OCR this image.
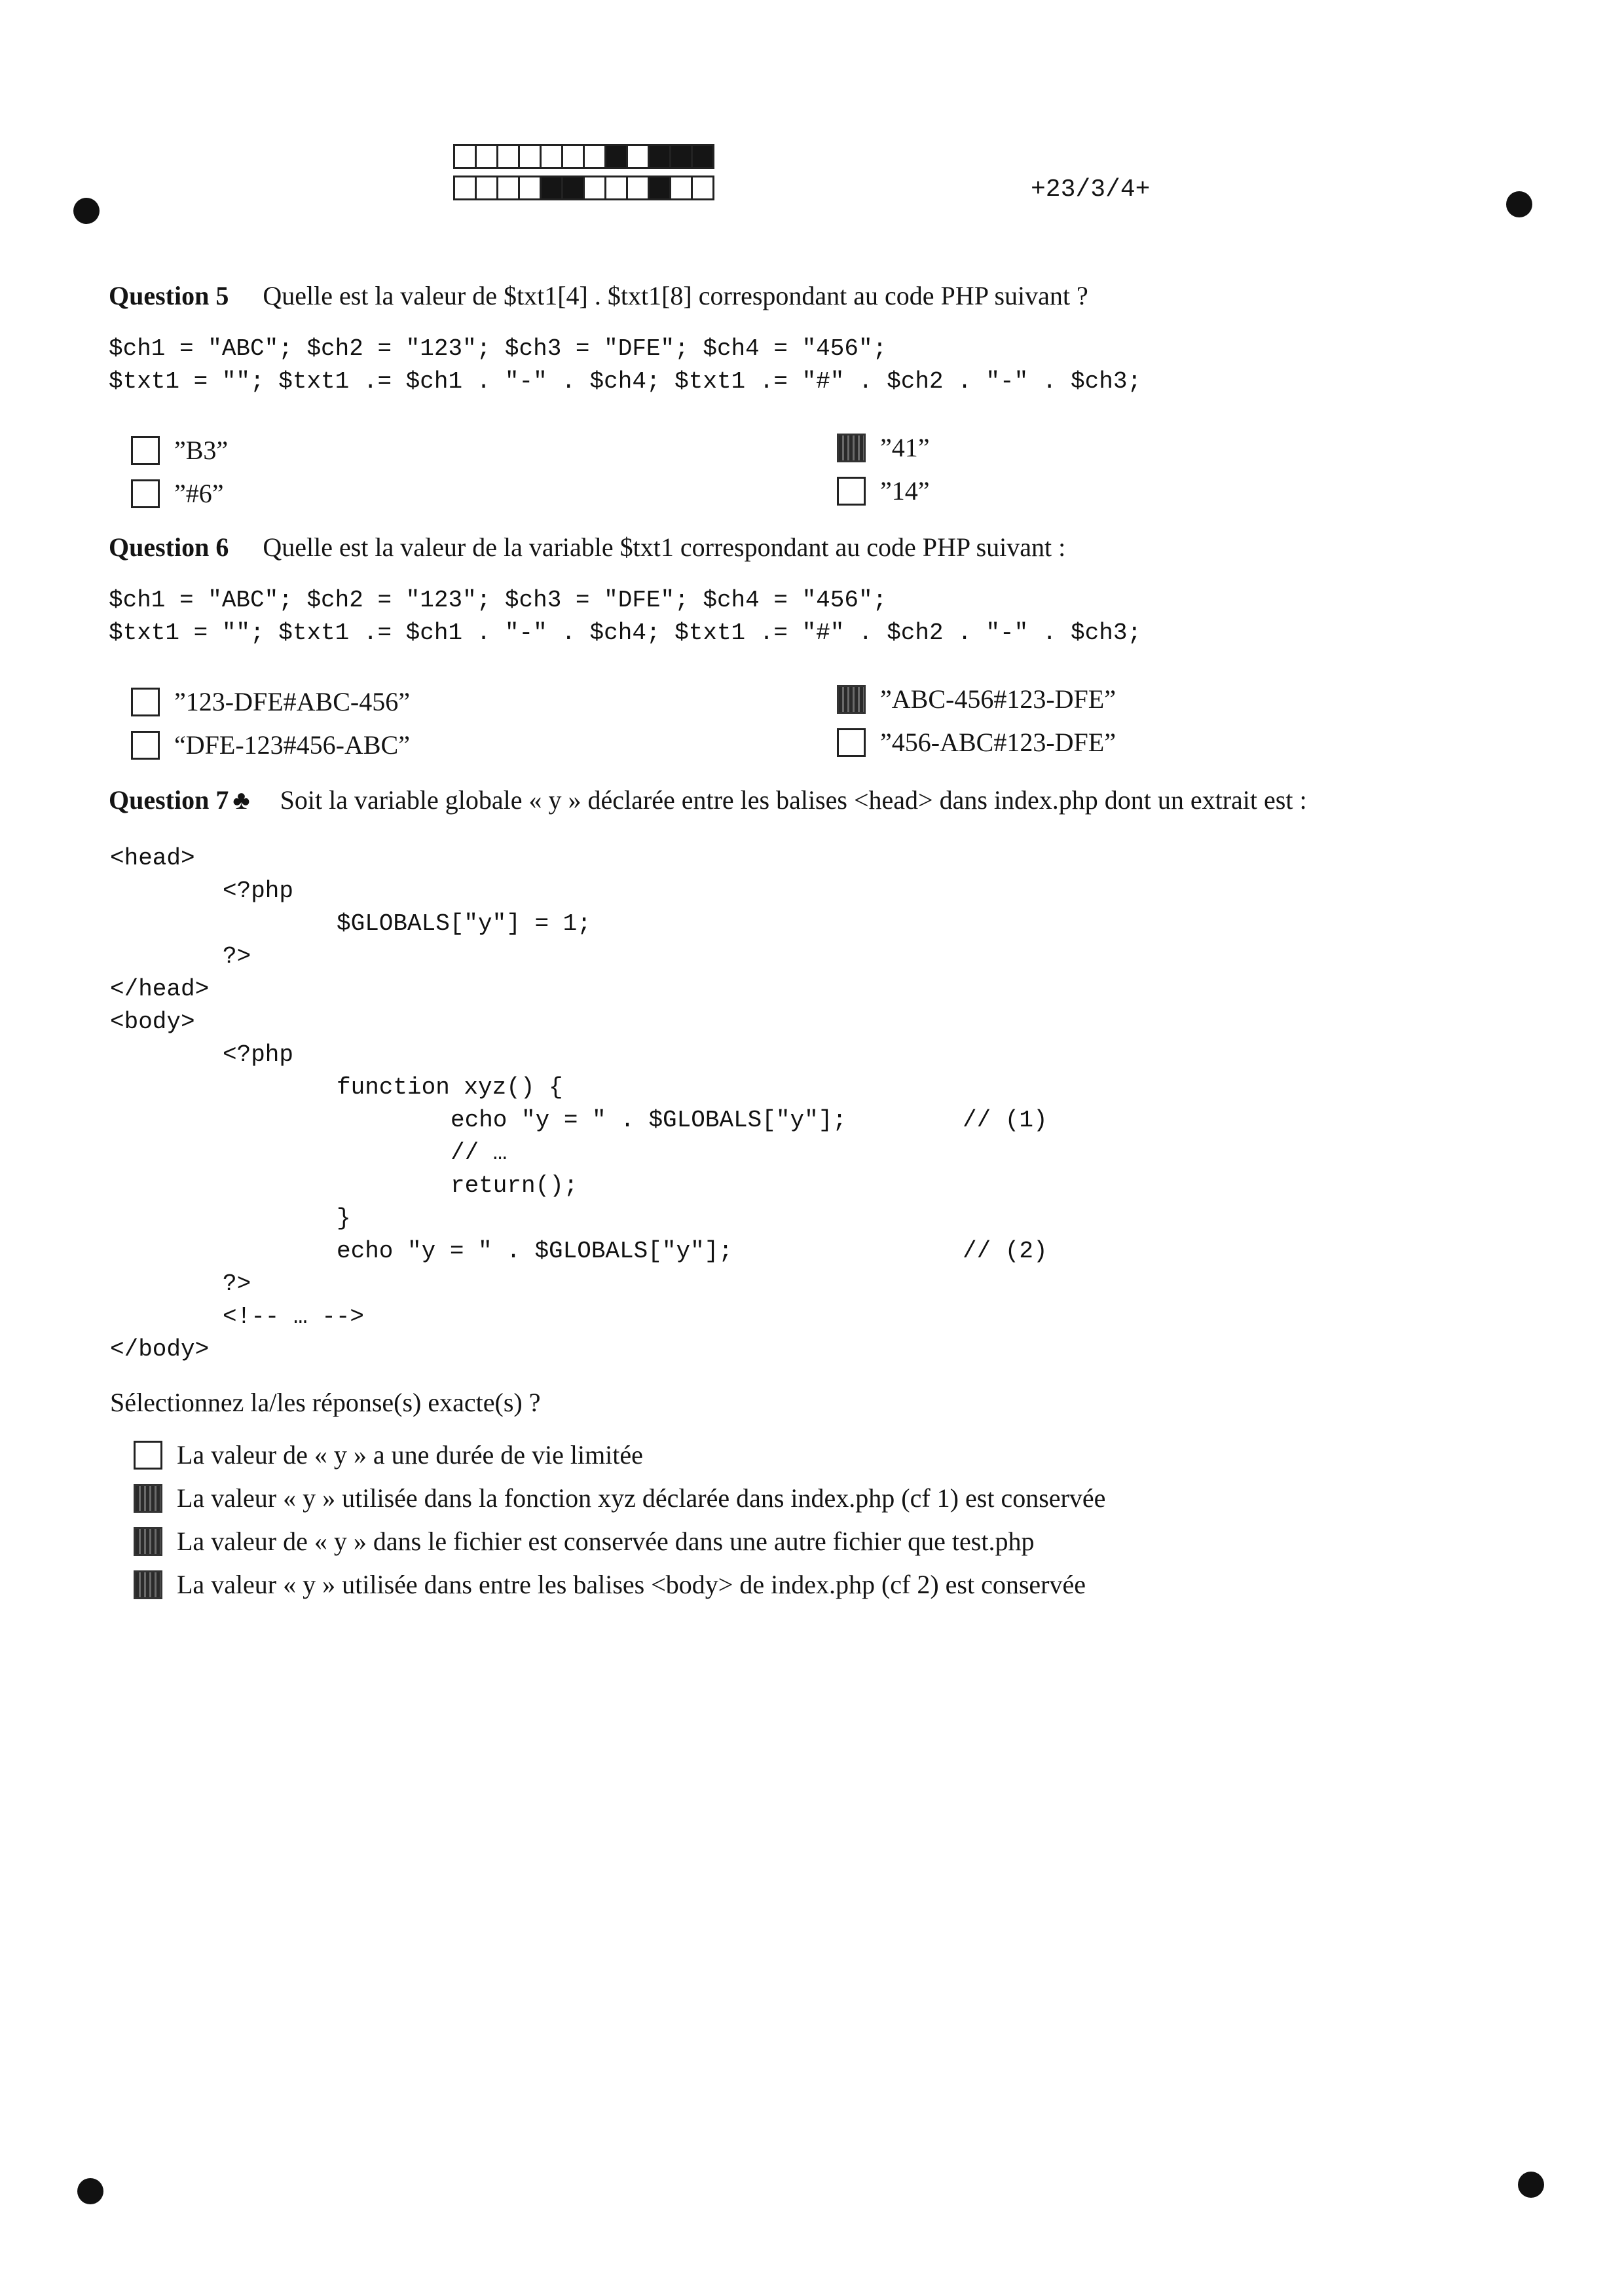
+23/3/4+
Question 5 Quelle est la valeur de $txt1[4] . $txt1[8] correspondant au code PHP suivant ?
$ch1 = "ABC"; $ch2 = "123"; $ch3 = "DFE"; $ch4 = "456";
$txt1 = ""; $txt1 .= $ch1 . "-" . $ch4; $txt1 .= "#" . $ch2 . "-" . $ch3;
”B3”	”41”
”#6”	”14”
Question 6 Quelle est la valeur de la variable $txt1 correspondant au code PHP suivant :
$ch1 = "ABC"; $ch2 = "123"; $ch3 = "DFE"; $ch4 = "456";
$txt1 = ""; $txt1 .= $ch1 . "-" . $ch4; $txt1 .= "#" . $ch2 . "-" . $ch3;
”123-DFE#ABC-456”	”ABC-456#123-DFE”
“DFE-123#456-ABC”	”456-ABC#123-DFE”
Question 7 ♣ Soit la variable globale « y » déclarée entre les balises <head> dans index.php dont un extrait est :
<head>
<?php
$GLOBALS["y"] = 1;
?>
</head>
<body>
<?php
function xyz() {
echo "y = " . $GLOBALS["y"];	// (1)
// …
return();
}
echo "y = " . $GLOBALS["y"];	// (2)
?>
<!-- … -->
</body>
Sélectionnez la/les réponse(s) exacte(s) ?
La valeur de « y » a une durée de vie limitée
La valeur « y » utilisée dans la fonction xyz déclarée dans index.php (cf 1) est conservée
La valeur de « y » dans le fichier est conservée dans une autre fichier que test.php
La valeur « y » utilisée dans entre les balises <body> de index.php (cf 2) est conservée
